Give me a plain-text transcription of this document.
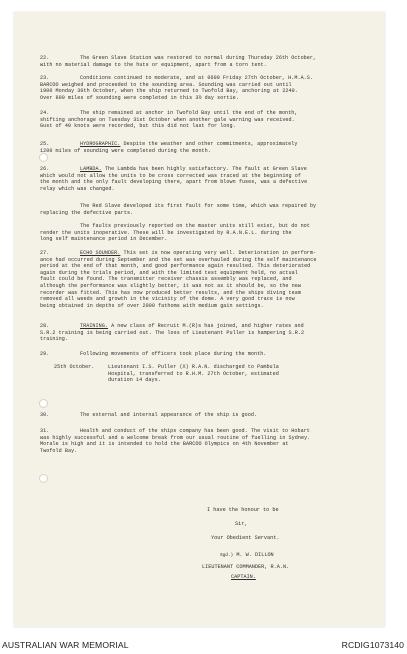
22.	The Green Slave Station was restored to normal during Thursday 26th October,
with no material damage to the huts or equipment, apart from a torn tent.
23.	Conditions continued to moderate, and at 0600 Friday 27th October, H.M.A.S.
BARCOO weighed and proceeded to the sounding area. Sounding was carried out until
1900 Monday 30th October, when the ship returned to Twofold Bay, anchoring at 2240.
Over 800 miles of sounding were completed in this 3½ day sortie.
24.	The ship remained at anchor in Twofold Bay until the end of the month,
shifting anchorage on Tuesday 31st October when another gale warning was received.
Gust of 40 knots were recorded, but this did not last for long.
25.	HYDROGRAPHIC. Despite the weather and other commitments, approximately
1200 miles of sounding were completed during the month.
26.	LAMBDA. The Lambda has been highly satisfactory. The fault at Green Slave
which would not allow the units to be cross corrected was traced at the beginning of
the month and the only fault developing there, apart from blown fuses, was a defective
relay which was changed.
The Red Slave developed its first fault for some time, which was repaired by
replacing the defective parts.
The faults previously reported on the master units still exist, but do not
render the units inoperative. These will be investigated by R.A.N.E.L. during the
long self maintenance period in December.
27.	ECHO SOUNDER. This set is now operating very well. Deterioration in perform-
ance had occurred during September and the set was overhauled during the self maintenance
period at the end of that month, and good performance again resulted. This deteriorated
again during the trials period, and with the limited test equipment held, no actual
fault could be found. The transmitter receiver chassis assembly was replaced, and
although the performance was slightly better, it was not as it should be, so the new
recorder was fitted. This has now produced better results, and the ships diving team
removed all weeds and growth in the vicinity of the dome. A very good trace is now
being obtained in depths of over 2000 fathoms with medium gain settings.
28.	TRAINING. A new class of Recruit M.(R)s has joined, and higher rates and
S.R.2 training is being carried out. The loss of Lieutenant Puller is hampering S.R.2
training.
29.	Following movements of officers took place during the month.
25th October.	Lieutenant I.S. Puller (X) R.A.N. discharged to Pambula
Hospital, transferred to R.H.M. 27th October, estimated
duration 14 days.
30.	The external and internal appearance of the ship is good.
31.	Health and conduct of the ships company has been good. The visit to Hobart
was highly successful and a welcome break from our usual routine of fuelling in Sydney.
Morale is high and it is intended to hold the BARCOO Olympics on 4th November at
Twofold Bay.
I have the honour to be
Sir,
Your Obedient Servant.
Sgd.) M. W. DILLON
LIEUTENANT COMMANDER, R.A.N.
CAPTAIN.
AUSTRALIAN WAR MEMORIAL	RCDIG1073140
